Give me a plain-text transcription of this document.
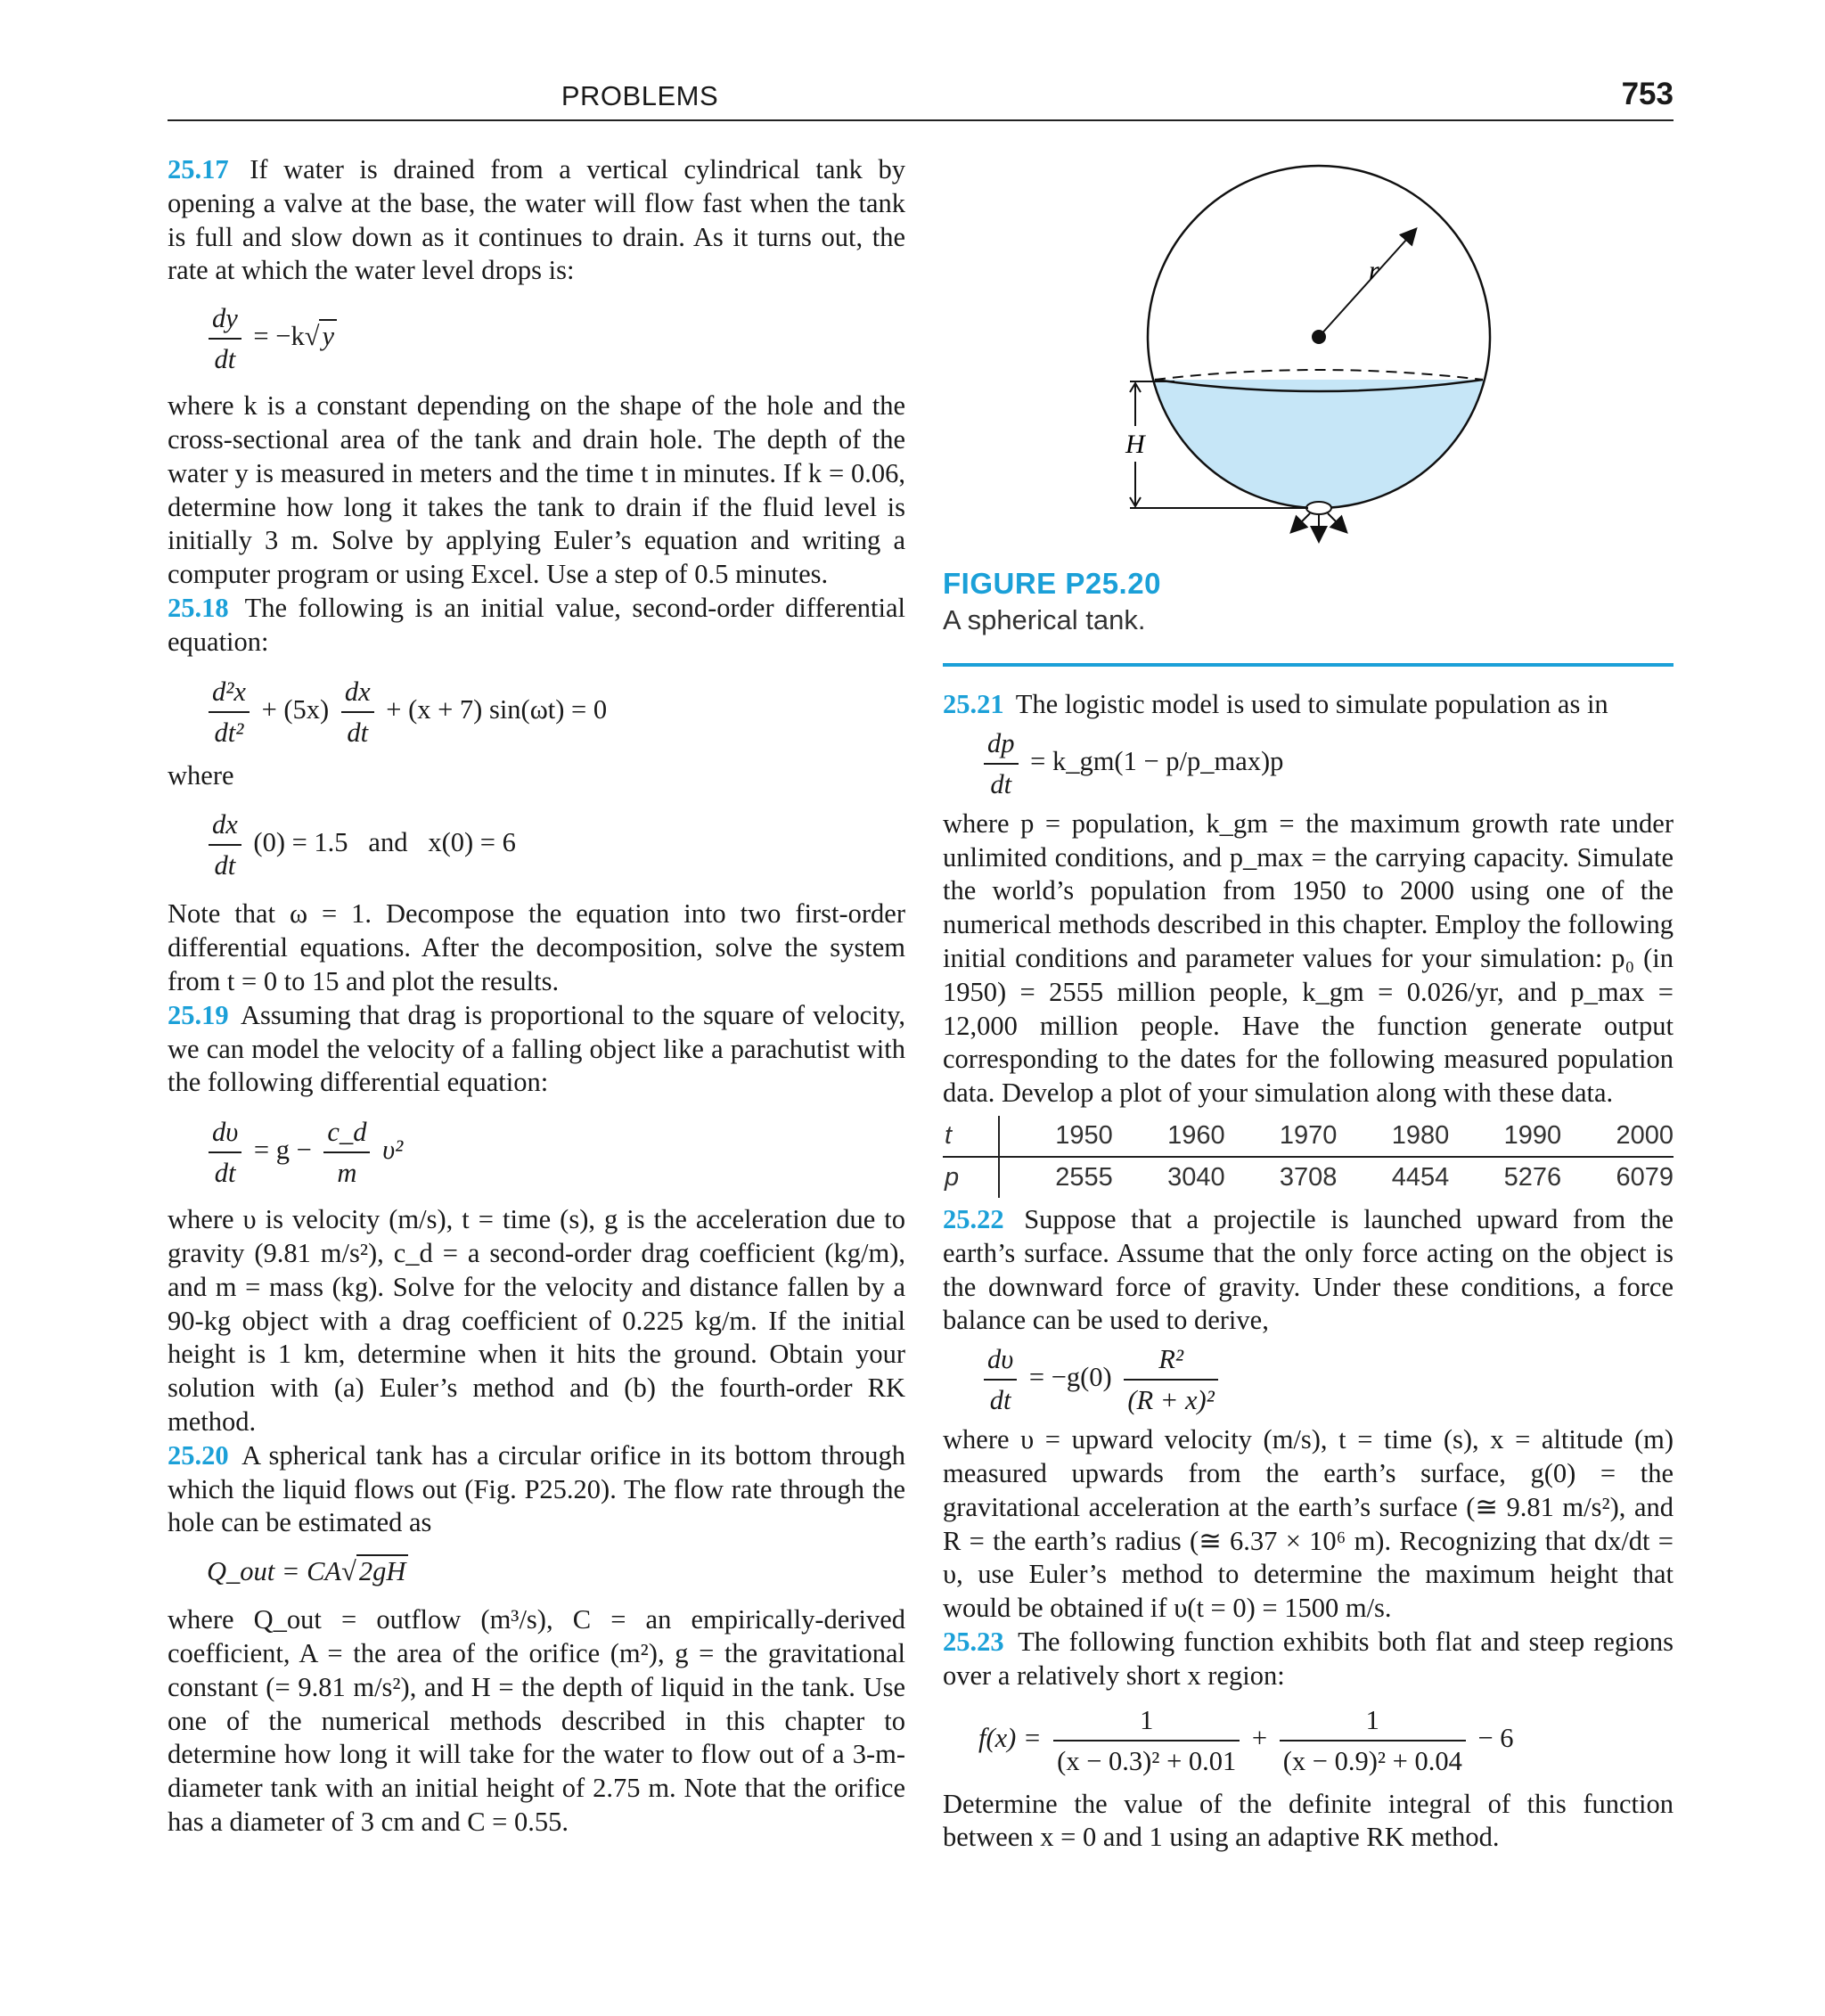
PROBLEMS	753

25.17 If water is drained from a vertical cylindrical tank by opening a valve at the base, the water will flow fast when the tank is full and slow down as it continues to drain. As it turns out, the rate at which the water level drops is:

$\frac{dy}{dt} = -k√y$

where k is a constant depending on the shape of the hole and the cross-sectional area of the tank and drain hole. The depth of the water y is measured in meters and the time t in minutes. If k = 0.06, determine how long it takes the tank to drain if the fluid level is initially 3 m. Solve by applying Euler’s equation and writing a computer program or using Excel. Use a step of 0.5 minutes.

25.18 The following is an initial value, second-order differential equation:

$\frac{\text{d²x}}{\text{dt²}} + (5x) \frac{dx}{dt} + (x + 7) \sin(\omega t) = 0$

where

$\frac{dx}{dt} (0) = 1.5$   and   x(0) = 6

Note that ω = 1. Decompose the equation into two first-order differential equations. After the decomposition, solve the system from t = 0 to 15 and plot the results.

25.19 Assuming that drag is proportional to the square of velocity, we can model the velocity of a falling object like a parachutist with the following differential equation:

$\frac{d\upsilon}{dt} = g - \frac{c\_d}{m} \upsilon^2$

where υ is velocity (m/s), t = time (s), g is the acceleration due to gravity (9.81 m/s²), c_d = a second-order drag coefficient (kg/m), and m = mass (kg). Solve for the velocity and distance fallen by a 90-kg object with a drag coefficient of 0.225 kg/m. If the initial height is 1 km, determine when it hits the ground. Obtain your solution with (a) Euler’s method and (b) the fourth-order RK method.

25.20 A spherical tank has a circular orifice in its bottom through which the liquid flows out (Fig. P25.20). The flow rate through the hole can be estimated as

Q_out = CA√2gH

where Q_out = outflow (m³/s), C = an empirically-derived coefficient, A = the area of the orifice (m²), g = the gravitational constant (= 9.81 m/s²), and H = the depth of liquid in the tank. Use one of the numerical methods described in this chapter to determine how long it will take for the water to flow out of a 3-m-diameter tank with an initial height of 2.75 m. Note that the orifice has a diameter of 3 cm and C = 0.55.

r
H
FIGURE P25.20
A spherical tank.

25.21 The logistic model is used to simulate population as in

$\frac{dp}{dt}$ = k_gm(1 − p/p_max)p

where p = population, k_gm = the maximum growth rate under unlimited conditions, and p_max = the carrying capacity. Simulate the world’s population from 1950 to 2000 using one of the numerical methods described in this chapter. Employ the following initial conditions and parameter values for your simulation: p₀ (in 1950) = 2555 million people, k_gm = 0.026/yr, and p_max = 12,000 million people. Have the function generate output corresponding to the dates for the following measured population data. Develop a plot of your simulation along with these data.

t	1950	1960	1970	1980	1990	2000
p	2555	3040	3708	4454	5276	6079

25.22 Suppose that a projectile is launched upward from the earth’s surface. Assume that the only force acting on the object is the downward force of gravity. Under these conditions, a force balance can be used to derive,

$\frac{d\upsilon}{dt} = -g(0) \frac{\text{R²}}{\text{(R + x)²}}$

where υ = upward velocity (m/s), t = time (s), x = altitude (m) measured upwards from the earth’s surface, g(0) = the gravitational acceleration at the earth’s surface (≅ 9.81 m/s²), and R = the earth’s radius (≅ 6.37 × 10⁶ m). Recognizing that dx/dt = υ, use Euler’s method to determine the maximum height that would be obtained if υ(t = 0) = 1500 m/s.

25.23 The following function exhibits both flat and steep regions over a relatively short x region:

$f(x) = \frac{1}{\text{(x − 0.3)² + 0.01}} + \frac{1}{\text{(x − 0.9)² + 0.04}} - 6$

Determine the value of the definite integral of this function between x = 0 and 1 using an adaptive RK method.
